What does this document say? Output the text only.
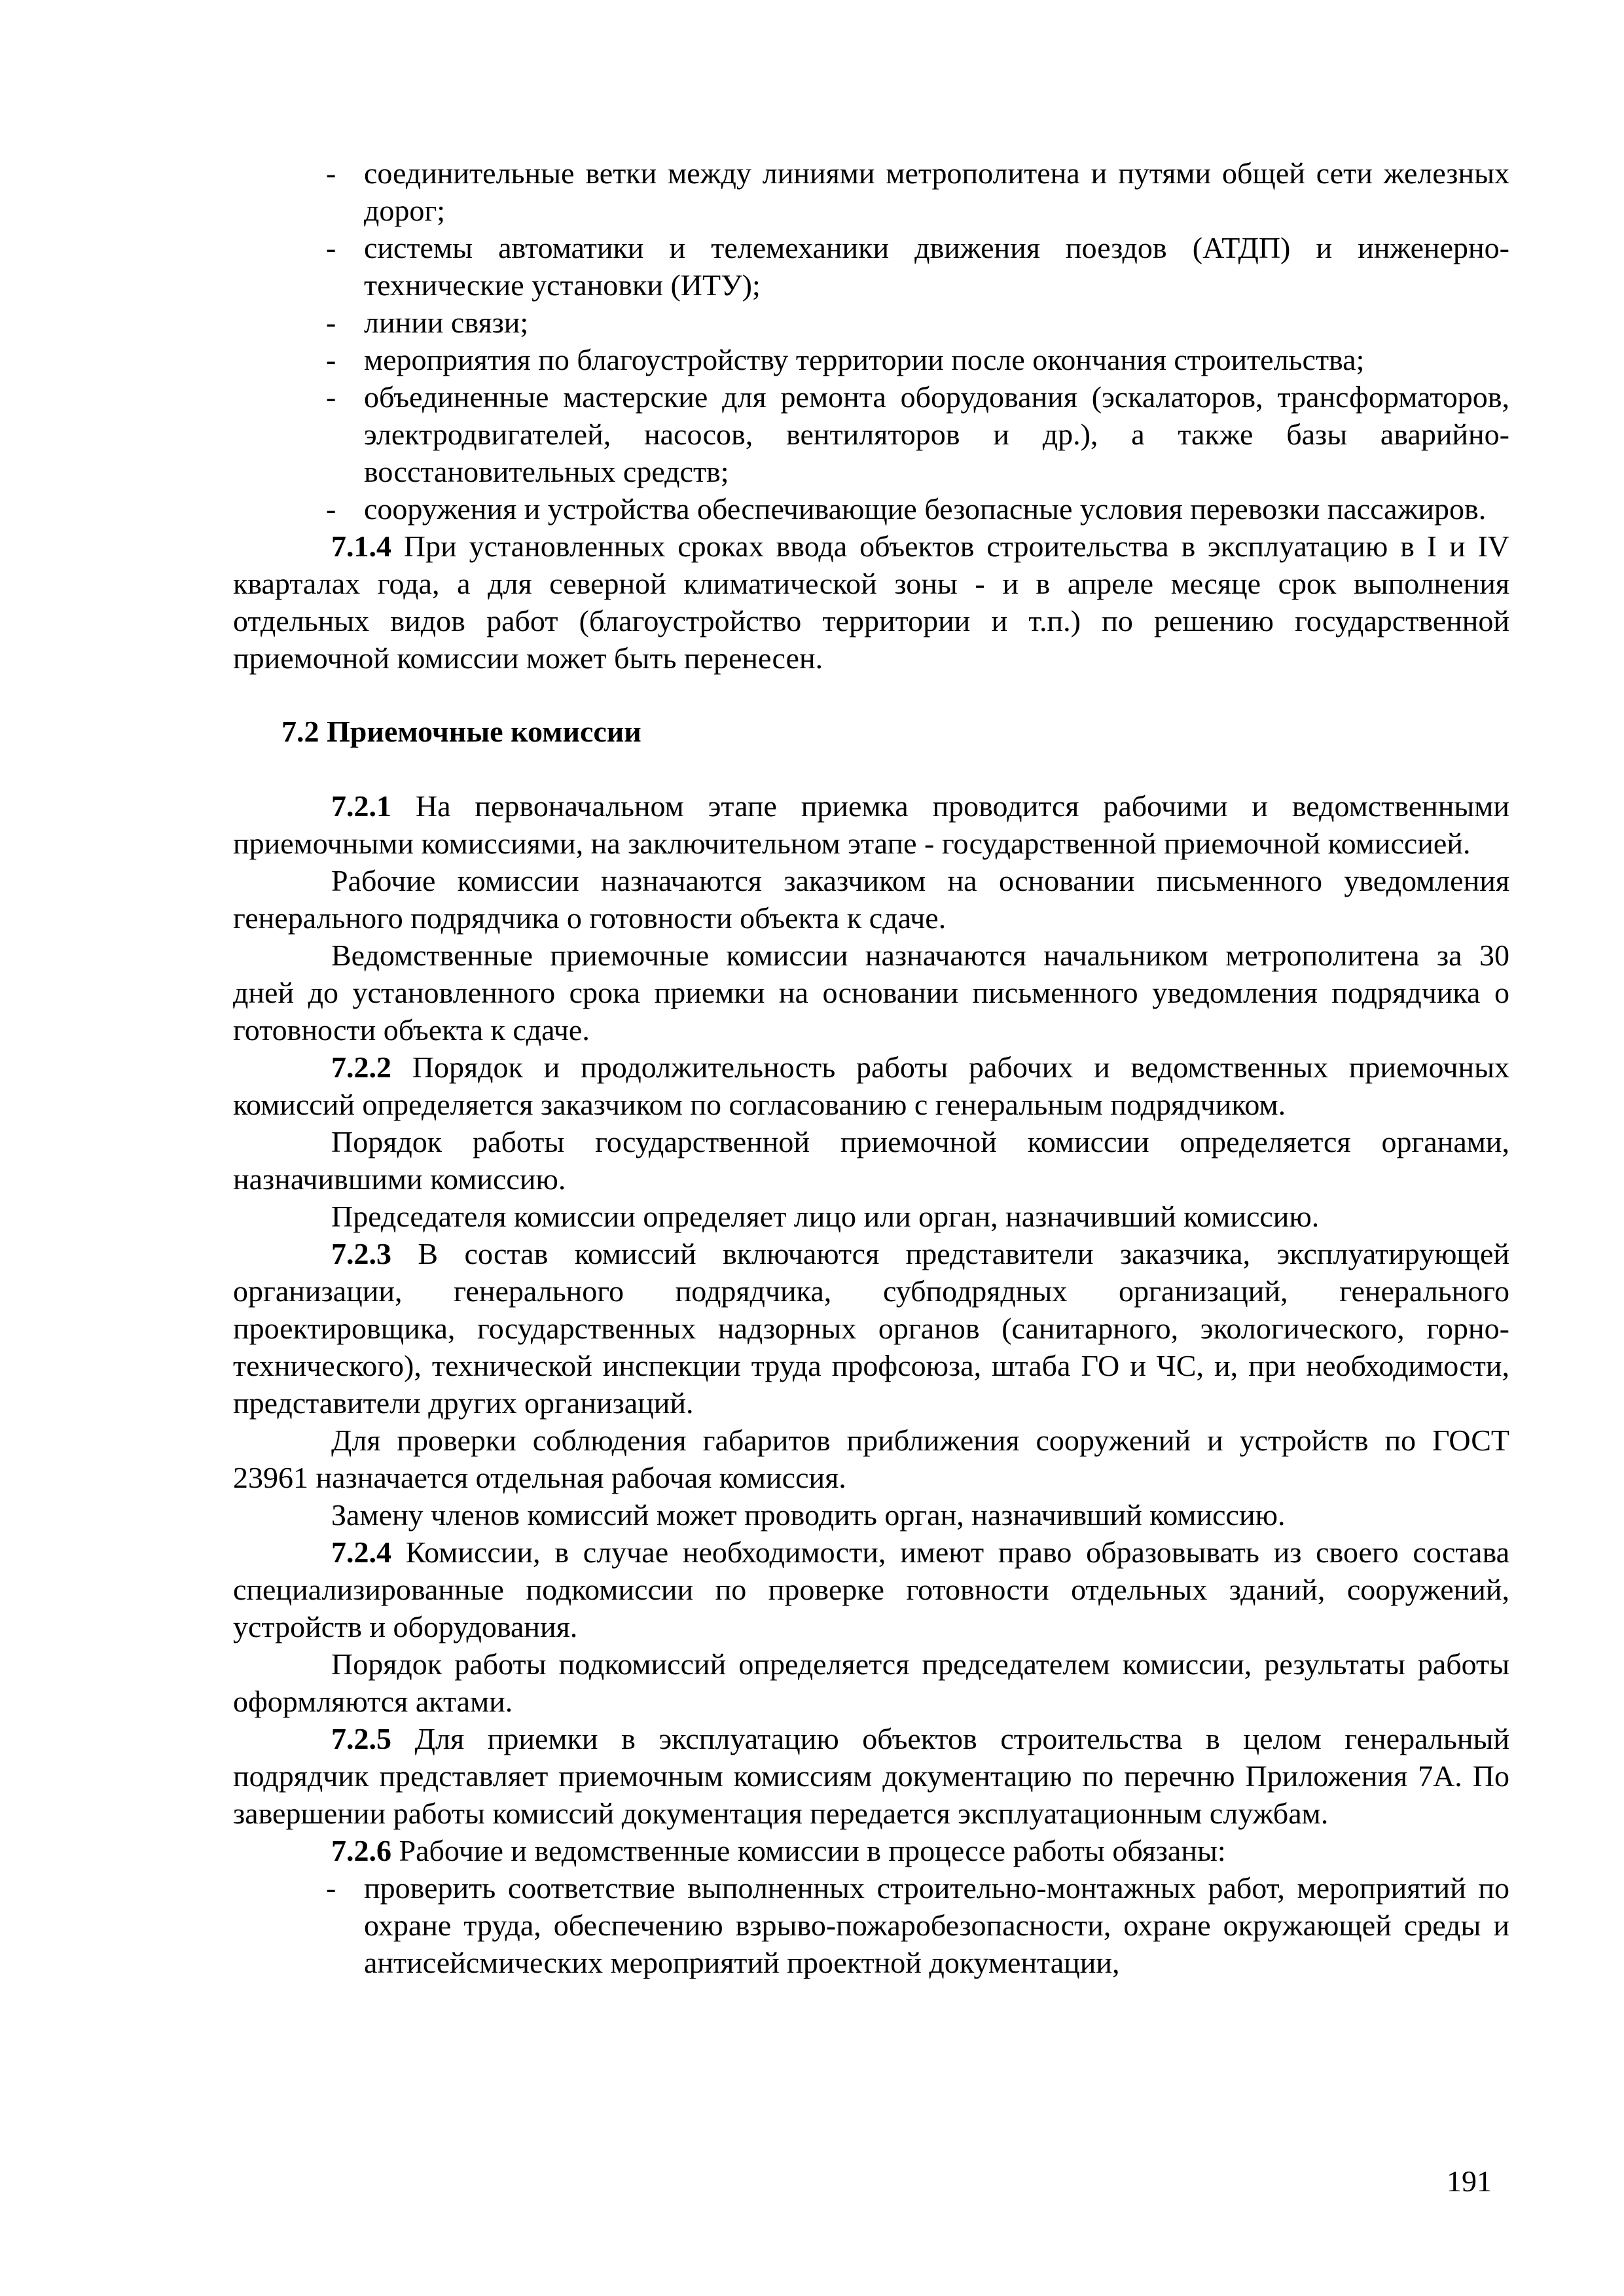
- соединительные ветки между линиями метрополитена и путями общей сети железных дорог;

- системы автоматики и телемеханики движения поездов (АТДП) и инженерно-технические установки (ИТУ);

- линии связи;

- мероприятия по благоустройству территории после окончания строительства;

- объединенные мастерские для ремонта оборудования (эскалаторов, трансформаторов, электродвигателей, насосов, вентиляторов и др.), а также базы аварийно-восстановительных средств;

- сооружения и устройства обеспечивающие безопасные условия перевозки пассажиров.

7.1.4 При установленных сроках ввода объектов строительства в эксплуатацию в I и IV кварталах года, а для северной климатической зоны - и в апреле месяце срок выполнения отдельных видов работ (благоустройство территории и т.п.) по решению государственной приемочной комиссии может быть перенесен.

7.2 Приемочные комиссии

7.2.1 На первоначальном этапе приемка проводится рабочими и ведомственными приемочными комиссиями, на заключительном этапе - государственной приемочной комиссией.

Рабочие комиссии назначаются заказчиком на основании письменного уведомления генерального подрядчика о готовности объекта к сдаче.

Ведомственные приемочные комиссии назначаются начальником метрополитена за 30 дней до установленного срока приемки на основании письменного уведомления подрядчика о готовности объекта к сдаче.

7.2.2 Порядок и продолжительность работы рабочих и ведомственных приемочных комиссий определяется заказчиком по согласованию с генеральным подрядчиком.

Порядок работы государственной приемочной комиссии определяется органами, назначившими комиссию.

Председателя комиссии определяет лицо или орган, назначивший комиссию.

7.2.3 В состав комиссий включаются представители заказчика, эксплуатирующей организации, генерального подрядчика, субподрядных организаций, генерального проектировщика, государственных надзорных органов (санитарного, экологического, горно-технического), технической инспекции труда профсоюза, штаба ГО и ЧС, и, при необходимости, представители других организаций.

Для проверки соблюдения габаритов приближения сооружений и устройств по ГОСТ 23961 назначается отдельная рабочая комиссия.

Замену членов комиссий может проводить орган, назначивший комиссию.

7.2.4 Комиссии, в случае необходимости, имеют право образовывать из своего состава специализированные подкомиссии по проверке готовности отдельных зданий, сооружений, устройств и оборудования.

Порядок работы подкомиссий определяется председателем комиссии, результаты работы оформляются актами.

7.2.5 Для приемки в эксплуатацию объектов строительства в целом генеральный подрядчик представляет приемочным комиссиям документацию по перечню Приложения 7А. По завершении работы комиссий документация передается эксплуатационным службам.

7.2.6 Рабочие и ведомственные комиссии в процессе работы обязаны:

- проверить соответствие выполненных строительно-монтажных работ, мероприятий по охране труда, обеспечению взрыво-пожаробезопасности, охране окружающей среды и антисейсмических мероприятий проектной документации,

191
